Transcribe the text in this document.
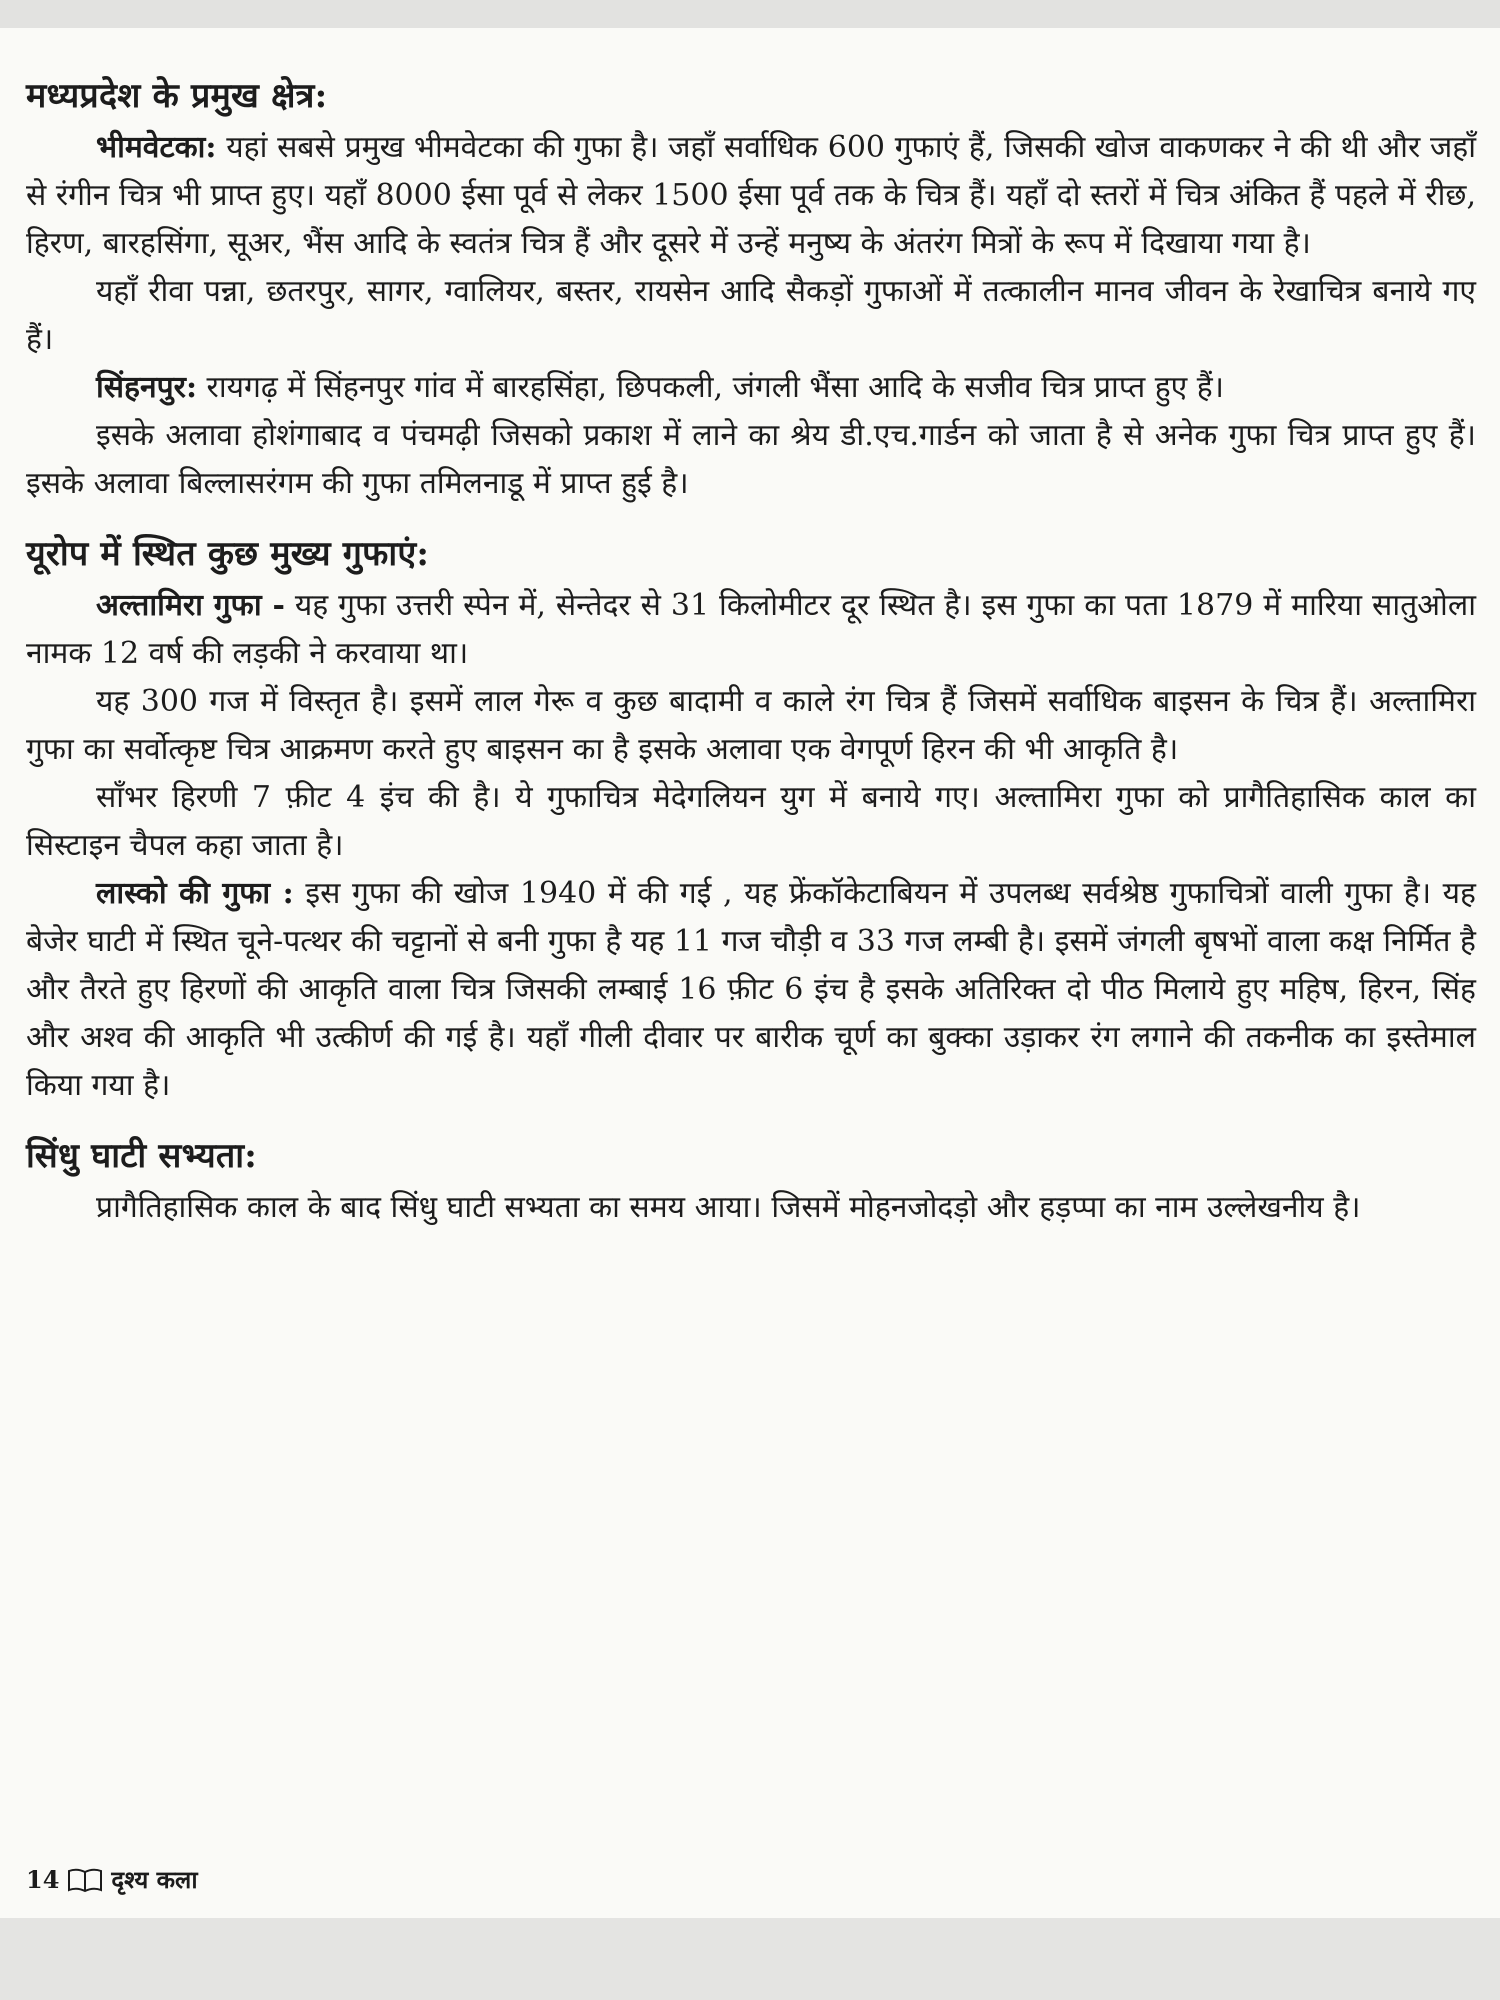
मध्यप्रदेश के प्रमुख क्षेत्र:

भीमवेटका: यहां सबसे प्रमुख भीमवेटका की गुफा है। जहाँ सर्वाधिक 600 गुफाएं हैं, जिसकी खोज वाकणकर ने की थी और जहाँ से रंगीन चित्र भी प्राप्त हुए। यहाँ 8000 ईसा पूर्व से लेकर 1500 ईसा पूर्व तक के चित्र हैं। यहाँ दो स्तरों में चित्र अंकित हैं पहले में रीछ, हिरण, बारहसिंगा, सूअर, भैंस आदि के स्वतंत्र चित्र हैं और दूसरे में उन्हें मनुष्य के अंतरंग मित्रों के रूप में दिखाया गया है।

यहाँ रीवा पन्ना, छतरपुर, सागर, ग्वालियर, बस्तर, रायसेन आदि सैकड़ों गुफाओं में तत्कालीन मानव जीवन के रेखाचित्र बनाये गए हैं।

सिंहनपुर: रायगढ़ में सिंहनपुर गांव में बारहसिंहा, छिपकली, जंगली भैंसा आदि के सजीव चित्र प्राप्त हुए हैं।

इसके अलावा होशंगाबाद व पंचमढ़ी जिसको प्रकाश में लाने का श्रेय डी.एच.गार्डन को जाता है से अनेक गुफा चित्र प्राप्त हुए हैं। इसके अलावा बिल्लासरंगम की गुफा तमिलनाडू में प्राप्त हुई है।

यूरोप में स्थित कुछ मुख्य गुफाएं:

अल्तामिरा गुफा - यह गुफा उत्तरी स्पेन में, सेन्तेदर से 31 किलोमीटर दूर स्थित है। इस गुफा का पता 1879 में मारिया सातुओला नामक 12 वर्ष की लड़की ने करवाया था।

यह 300 गज में विस्तृत है। इसमें लाल गेरू व कुछ बादामी व काले रंग चित्र हैं जिसमें सर्वाधिक बाइसन के चित्र हैं। अल्तामिरा गुफा का सर्वोत्कृष्ट चित्र आक्रमण करते हुए बाइसन का है इसके अलावा एक वेगपूर्ण हिरन की भी आकृति है।

साँभर हिरणी 7 फ़ीट 4 इंच की है। ये गुफाचित्र मेदेगलियन युग में बनाये गए। अल्तामिरा गुफा को प्रागैतिहासिक काल का सिस्टाइन चैपल कहा जाता है।

लास्को की गुफा : इस गुफा की खोज 1940 में की गई , यह फ्रेंकॉकेटाबियन में उपलब्ध सर्वश्रेष्ठ गुफाचित्रों वाली गुफा है। यह बेजेर घाटी में स्थित चूने-पत्थर की चट्टानों से बनी गुफा है यह 11 गज चौड़ी व 33 गज लम्बी है। इसमें जंगली बृषभों वाला कक्ष निर्मित है और तैरते हुए हिरणों की आकृति वाला चित्र जिसकी लम्बाई 16 फ़ीट 6 इंच है इसके अतिरिक्त दो पीठ मिलाये हुए महिष, हिरन, सिंह और अश्व की आकृति भी उत्कीर्ण की गई है। यहाँ गीली दीवार पर बारीक चूर्ण का बुक्का उड़ाकर रंग लगाने की तकनीक का इस्तेमाल किया गया है।

सिंधु घाटी सभ्यता:

प्रागैतिहासिक काल के बाद सिंधु घाटी सभ्यता का समय आया। जिसमें मोहनजोदड़ो और हड़प्पा का नाम उल्लेखनीय है।

14 दृश्य कला
